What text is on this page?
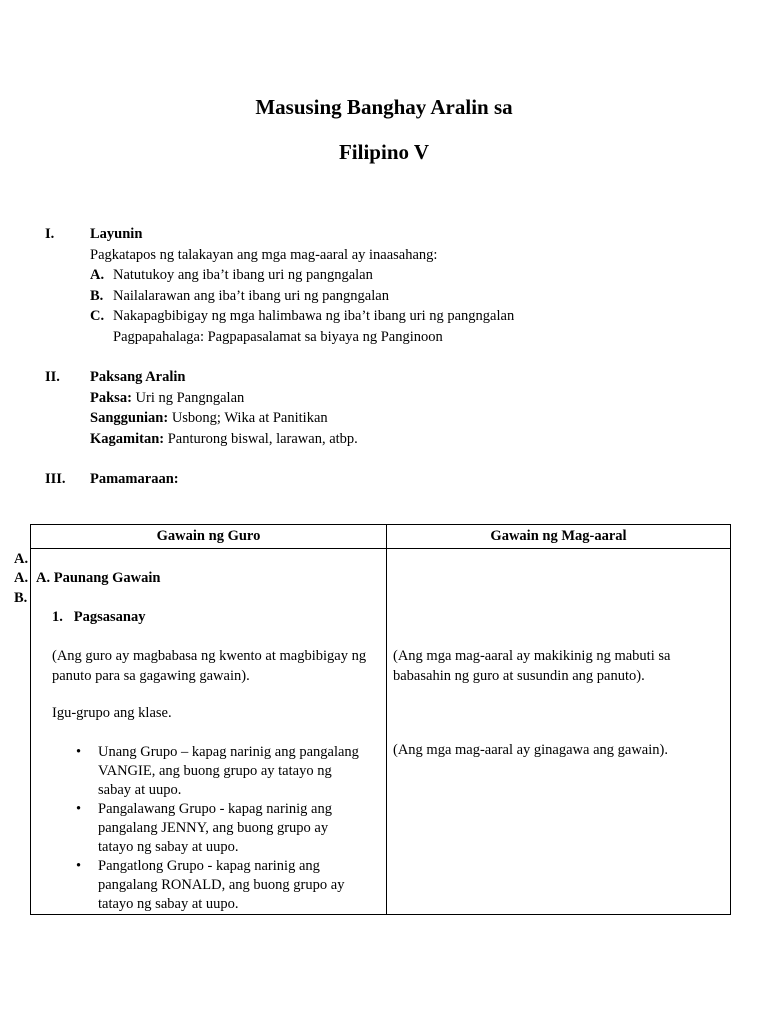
Masusing Banghay Aralin sa
Filipino V
I. Layunin
Pagkatapos ng talakayan ang mga mag-aaral ay inaasahang:
A. Natutukoy ang iba’t ibang uri ng pangngalan
B. Nailalarawan ang iba’t ibang uri ng pangngalan
C. Nakapagbibigay ng mga halimbawa ng iba’t ibang uri ng pangngalan
Pagpapahalaga: Pagpapasalamat sa biyaya ng Panginoon
II. Paksang Aralin
Paksa: Uri ng Pangngalan
Sanggunian: Usbong; Wika at Panitikan
Kagamitan: Panturong biswal, larawan, atbp.
III. Pamamaraan:
A.
A.
B.
Gawain ng Guro	Gawain ng Mag-aaral
A. Paunang Gawain
1.   Pagsasanay
(Ang guro ay magbabasa ng kwento at magbibigay ng
panuto para sa gagawing gawain).
Igu-grupo ang klase.
• Unang Grupo – kapag narinig ang pangalang
VANGIE, ang buong grupo ay tatayo ng
sabay at uupo.
• Pangalawang Grupo - kapag narinig ang
pangalang JENNY, ang buong grupo ay
tatayo ng sabay at uupo.
• Pangatlong Grupo - kapag narinig ang
pangalang RONALD, ang buong grupo ay
tatayo ng sabay at uupo.
(Ang mga mag-aaral ay makikinig ng mabuti sa
babasahin ng guro at susundin ang panuto).
(Ang mga mag-aaral ay ginagawa ang gawain).
